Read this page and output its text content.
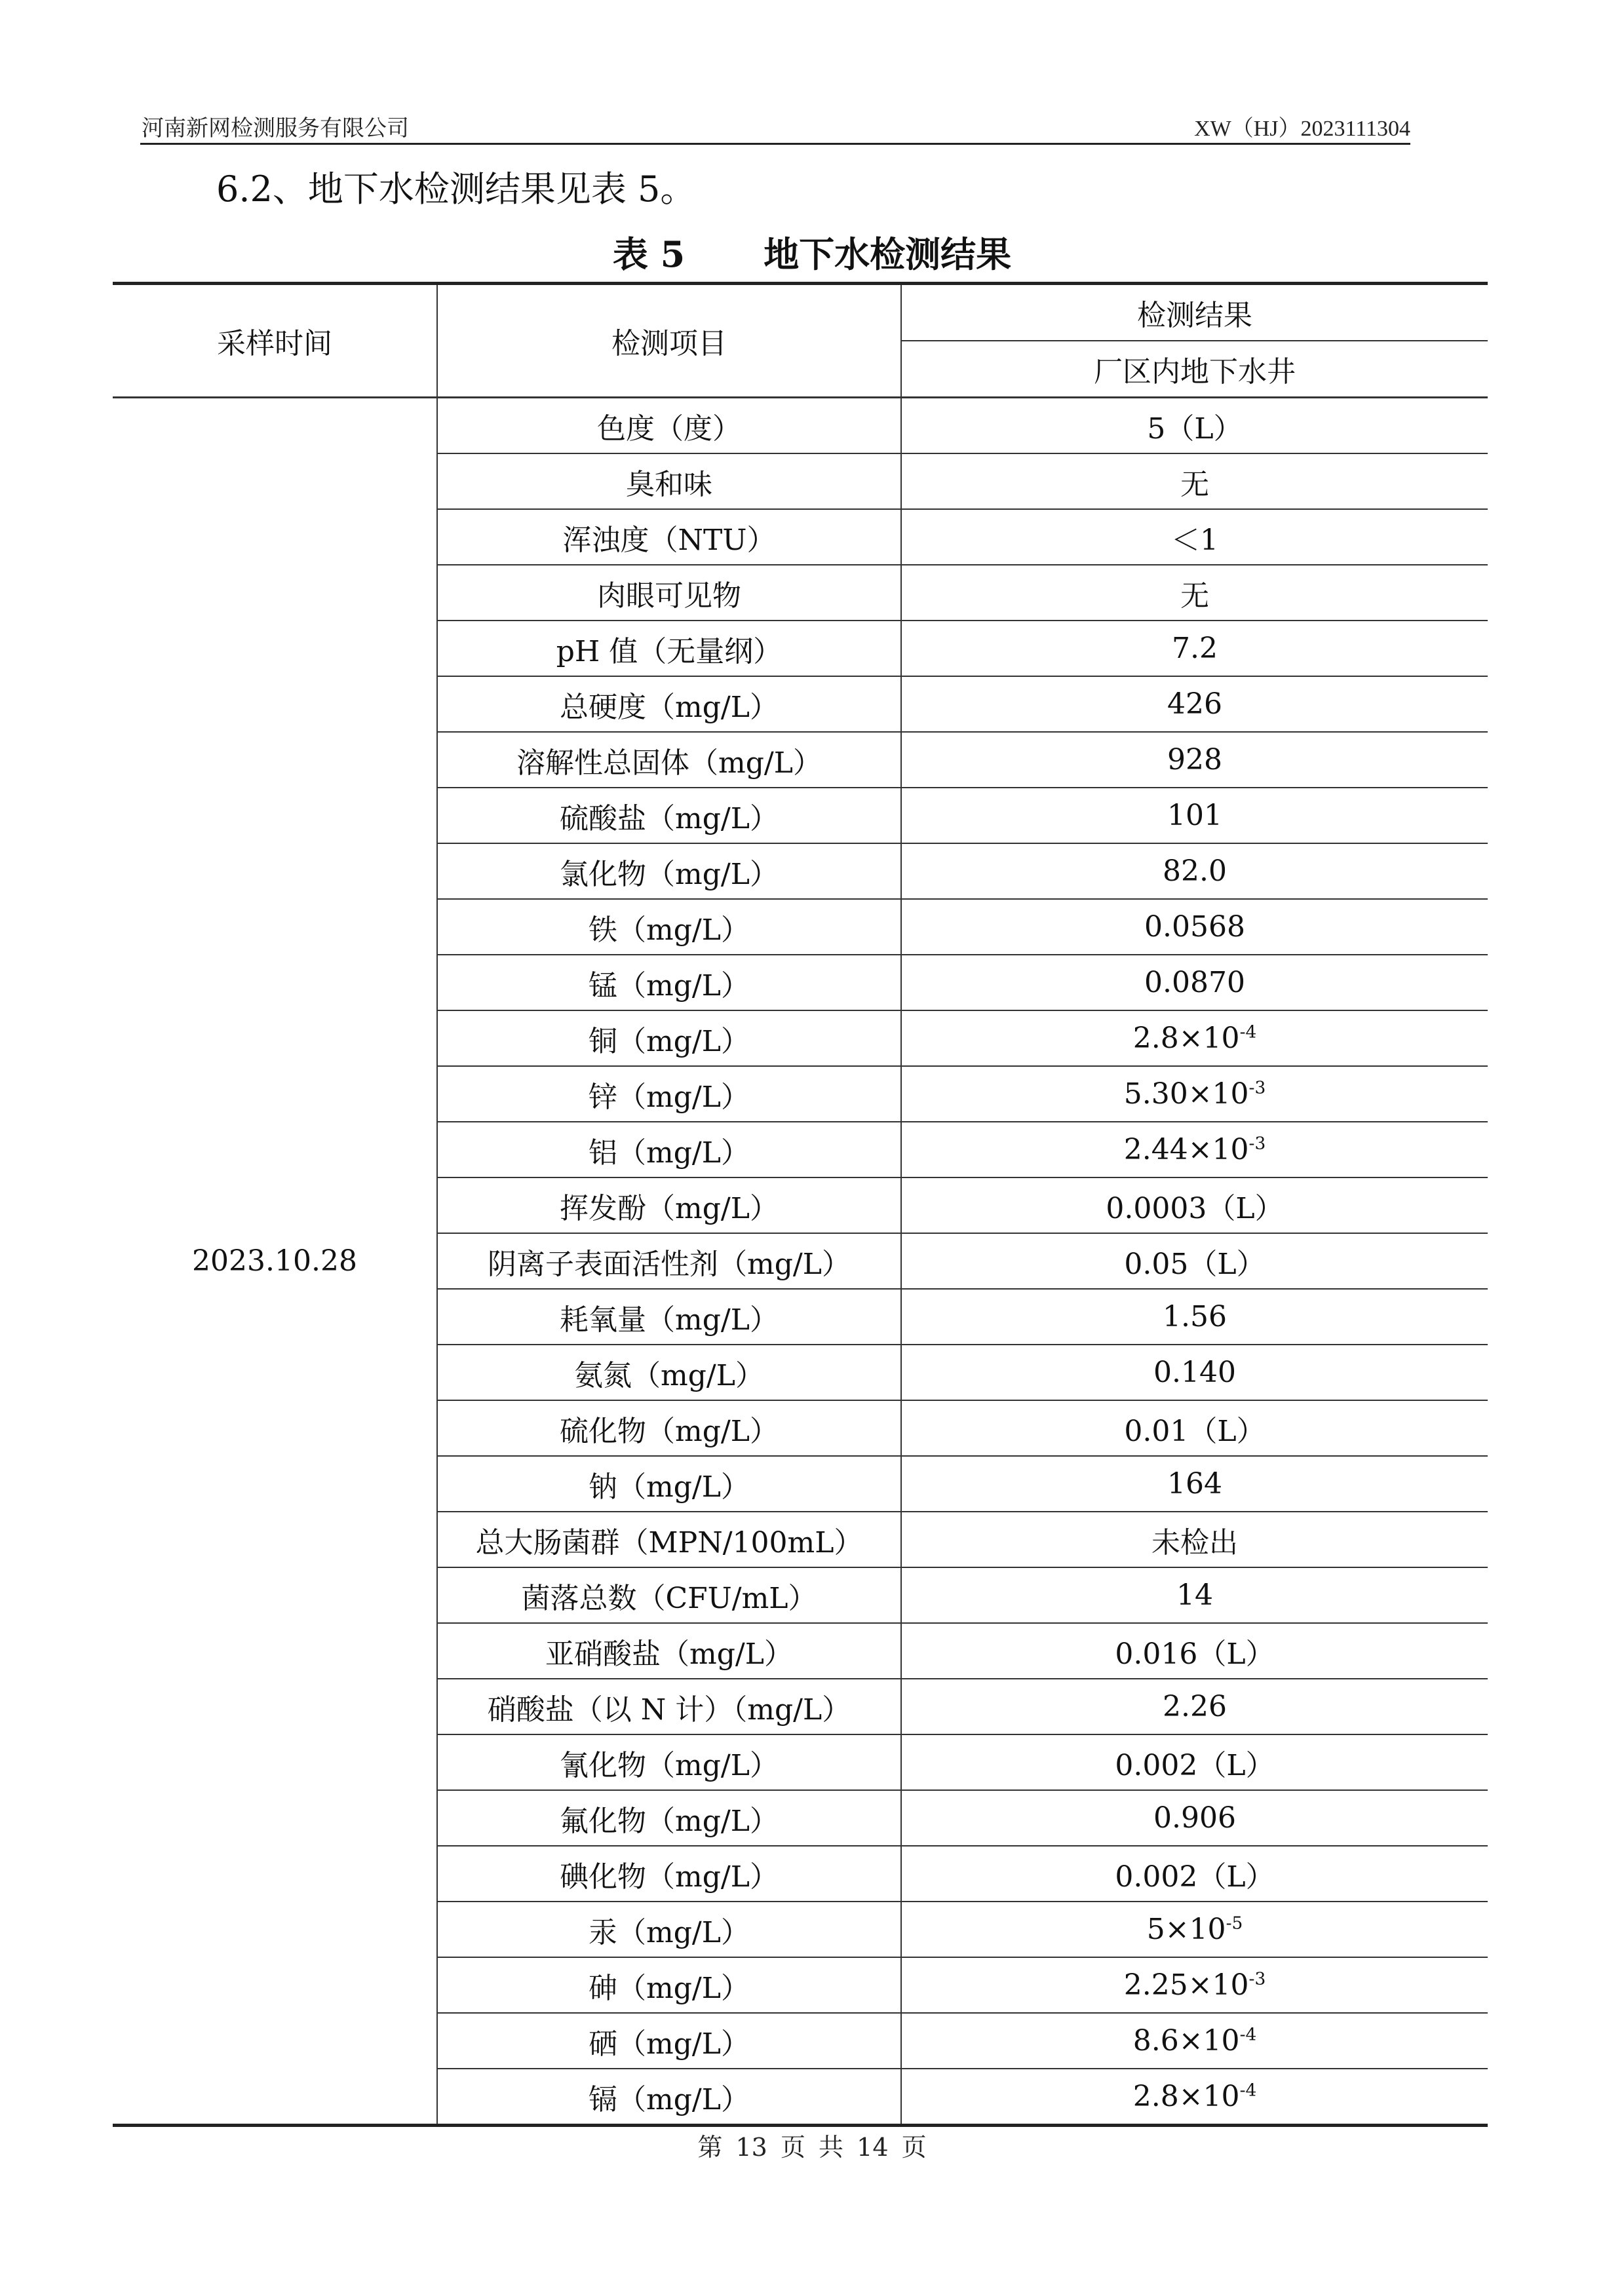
河南新网检测服务有限公司	XW（HJ）2023111304
6.2、地下水检测结果见表 5。
表 5 地下水检测结果
采样时间	检测项目	检测结果
		厂区内地下水井
2023.10.28	色度（度）	5（L）
	臭和味	无
	浑浊度（NTU）	＜1
	肉眼可见物	无
	pH 值（无量纲）	7.2
	总硬度（mg/L）	426
	溶解性总固体（mg/L）	928
	硫酸盐（mg/L）	101
	氯化物（mg/L）	82.0
	铁（mg/L）	0.0568
	锰（mg/L）	0.0870
	铜（mg/L）	$2.8\times 10^{-4}$
	锌（mg/L）	$5.30\times 10^{-3}$
	铝（mg/L）	$2.44\times 10^{-3}$
	挥发酚（mg/L）	0.0003（L）
	阴离子表面活性剂（mg/L）	0.05（L）
	耗氧量（mg/L）	1.56
	氨氮（mg/L）	0.140
	硫化物（mg/L）	0.01（L）
	钠（mg/L）	164
	总大肠菌群（MPN/100mL）	未检出
	菌落总数（CFU/mL）	14
	亚硝酸盐（mg/L）	0.016（L）
	硝酸盐（以 N 计）（mg/L）	2.26
	氰化物（mg/L）	0.002（L）
	氟化物（mg/L）	0.906
	碘化物（mg/L）	0.002（L）
	汞（mg/L）	$5\times 10^{-5}$
	砷（mg/L）	$2.25\times 10^{-3}$
	硒（mg/L）	$8.6\times 10^{-4}$
	镉（mg/L）	$2.8\times 10^{-4}$
第 13 页 共 14 页
